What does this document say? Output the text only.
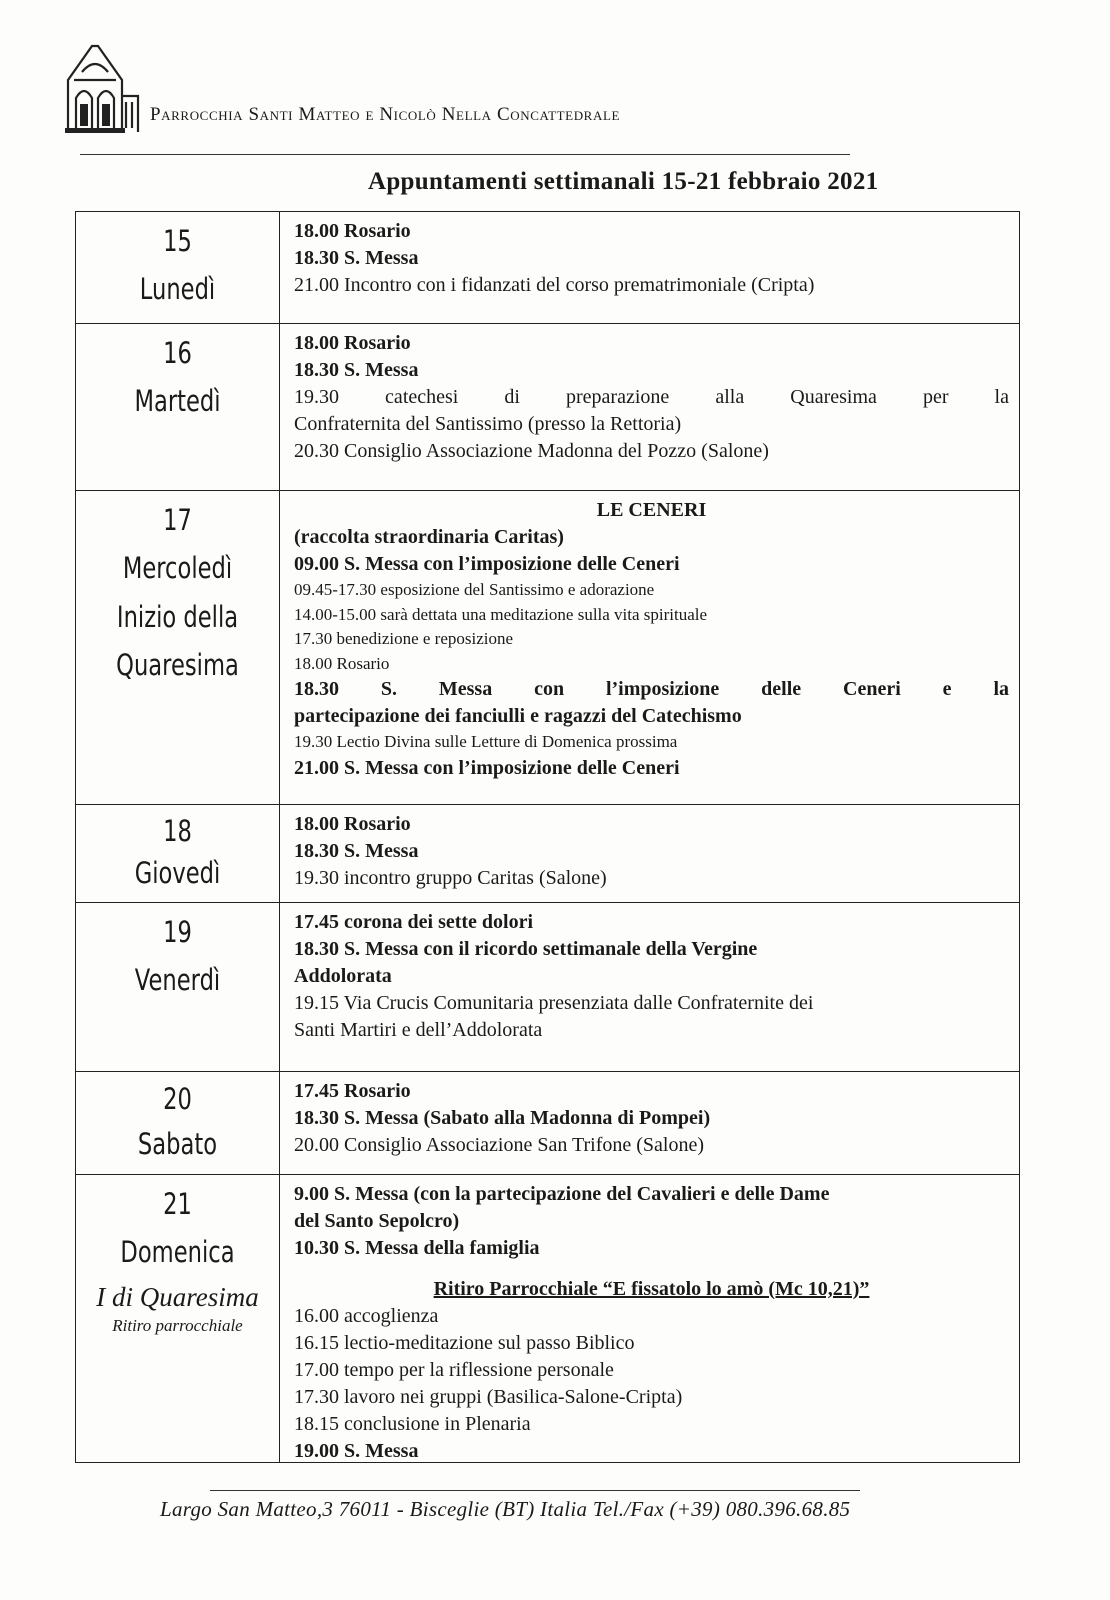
Parrocchia Santi Matteo e Nicolò Nella Concattedrale
Appuntamenti settimanali 15-21 febbraio 2021
15
Lunedì
18.00 Rosario
18.30 S. Messa
21.00 Incontro con i fidanzati del corso prematrimoniale (Cripta)
16
Martedì
18.00 Rosario
18.30 S. Messa
19.30 catechesi di preparazione alla Quaresima per la
Confraternita del Santissimo (presso la Rettoria)
20.30 Consiglio Associazione Madonna del Pozzo (Salone)
17
Mercoledì
Inizio della
Quaresima
LE CENERI
(raccolta straordinaria Caritas)
09.00 S. Messa con l’imposizione delle Ceneri
09.45-17.30 esposizione del Santissimo e adorazione
14.00-15.00 sarà dettata una meditazione sulla vita spirituale
17.30 benedizione e reposizione
18.00 Rosario
18.30 S. Messa con l’imposizione delle Ceneri e la
partecipazione dei fanciulli e ragazzi del Catechismo
19.30 Lectio Divina sulle Letture di Domenica prossima
21.00 S. Messa con l’imposizione delle Ceneri
18
Giovedì
18.00 Rosario
18.30 S. Messa
19.30 incontro gruppo Caritas (Salone)
19
Venerdì
17.45 corona dei sette dolori
18.30 S. Messa con il ricordo settimanale della Vergine
Addolorata
19.15 Via Crucis Comunitaria presenziata dalle Confraternite dei
Santi Martiri e dell’Addolorata
20
Sabato
17.45 Rosario
18.30 S. Messa (Sabato alla Madonna di Pompei)
20.00 Consiglio Associazione San Trifone (Salone)
21
Domenica
I di Quaresima
Ritiro parrocchiale
9.00 S. Messa (con la partecipazione del Cavalieri e delle Dame
del Santo Sepolcro)
10.30 S. Messa della famiglia
Ritiro Parrocchiale “E fissatolo lo amò (Mc 10,21)”
16.00 accoglienza
16.15 lectio-meditazione sul passo Biblico
17.00 tempo per la riflessione personale
17.30 lavoro nei gruppi (Basilica-Salone-Cripta)
18.15 conclusione in Plenaria
19.00 S. Messa
Largo San Matteo,3 76011 - Bisceglie (BT) Italia Tel./Fax (+39) 080.396.68.85
